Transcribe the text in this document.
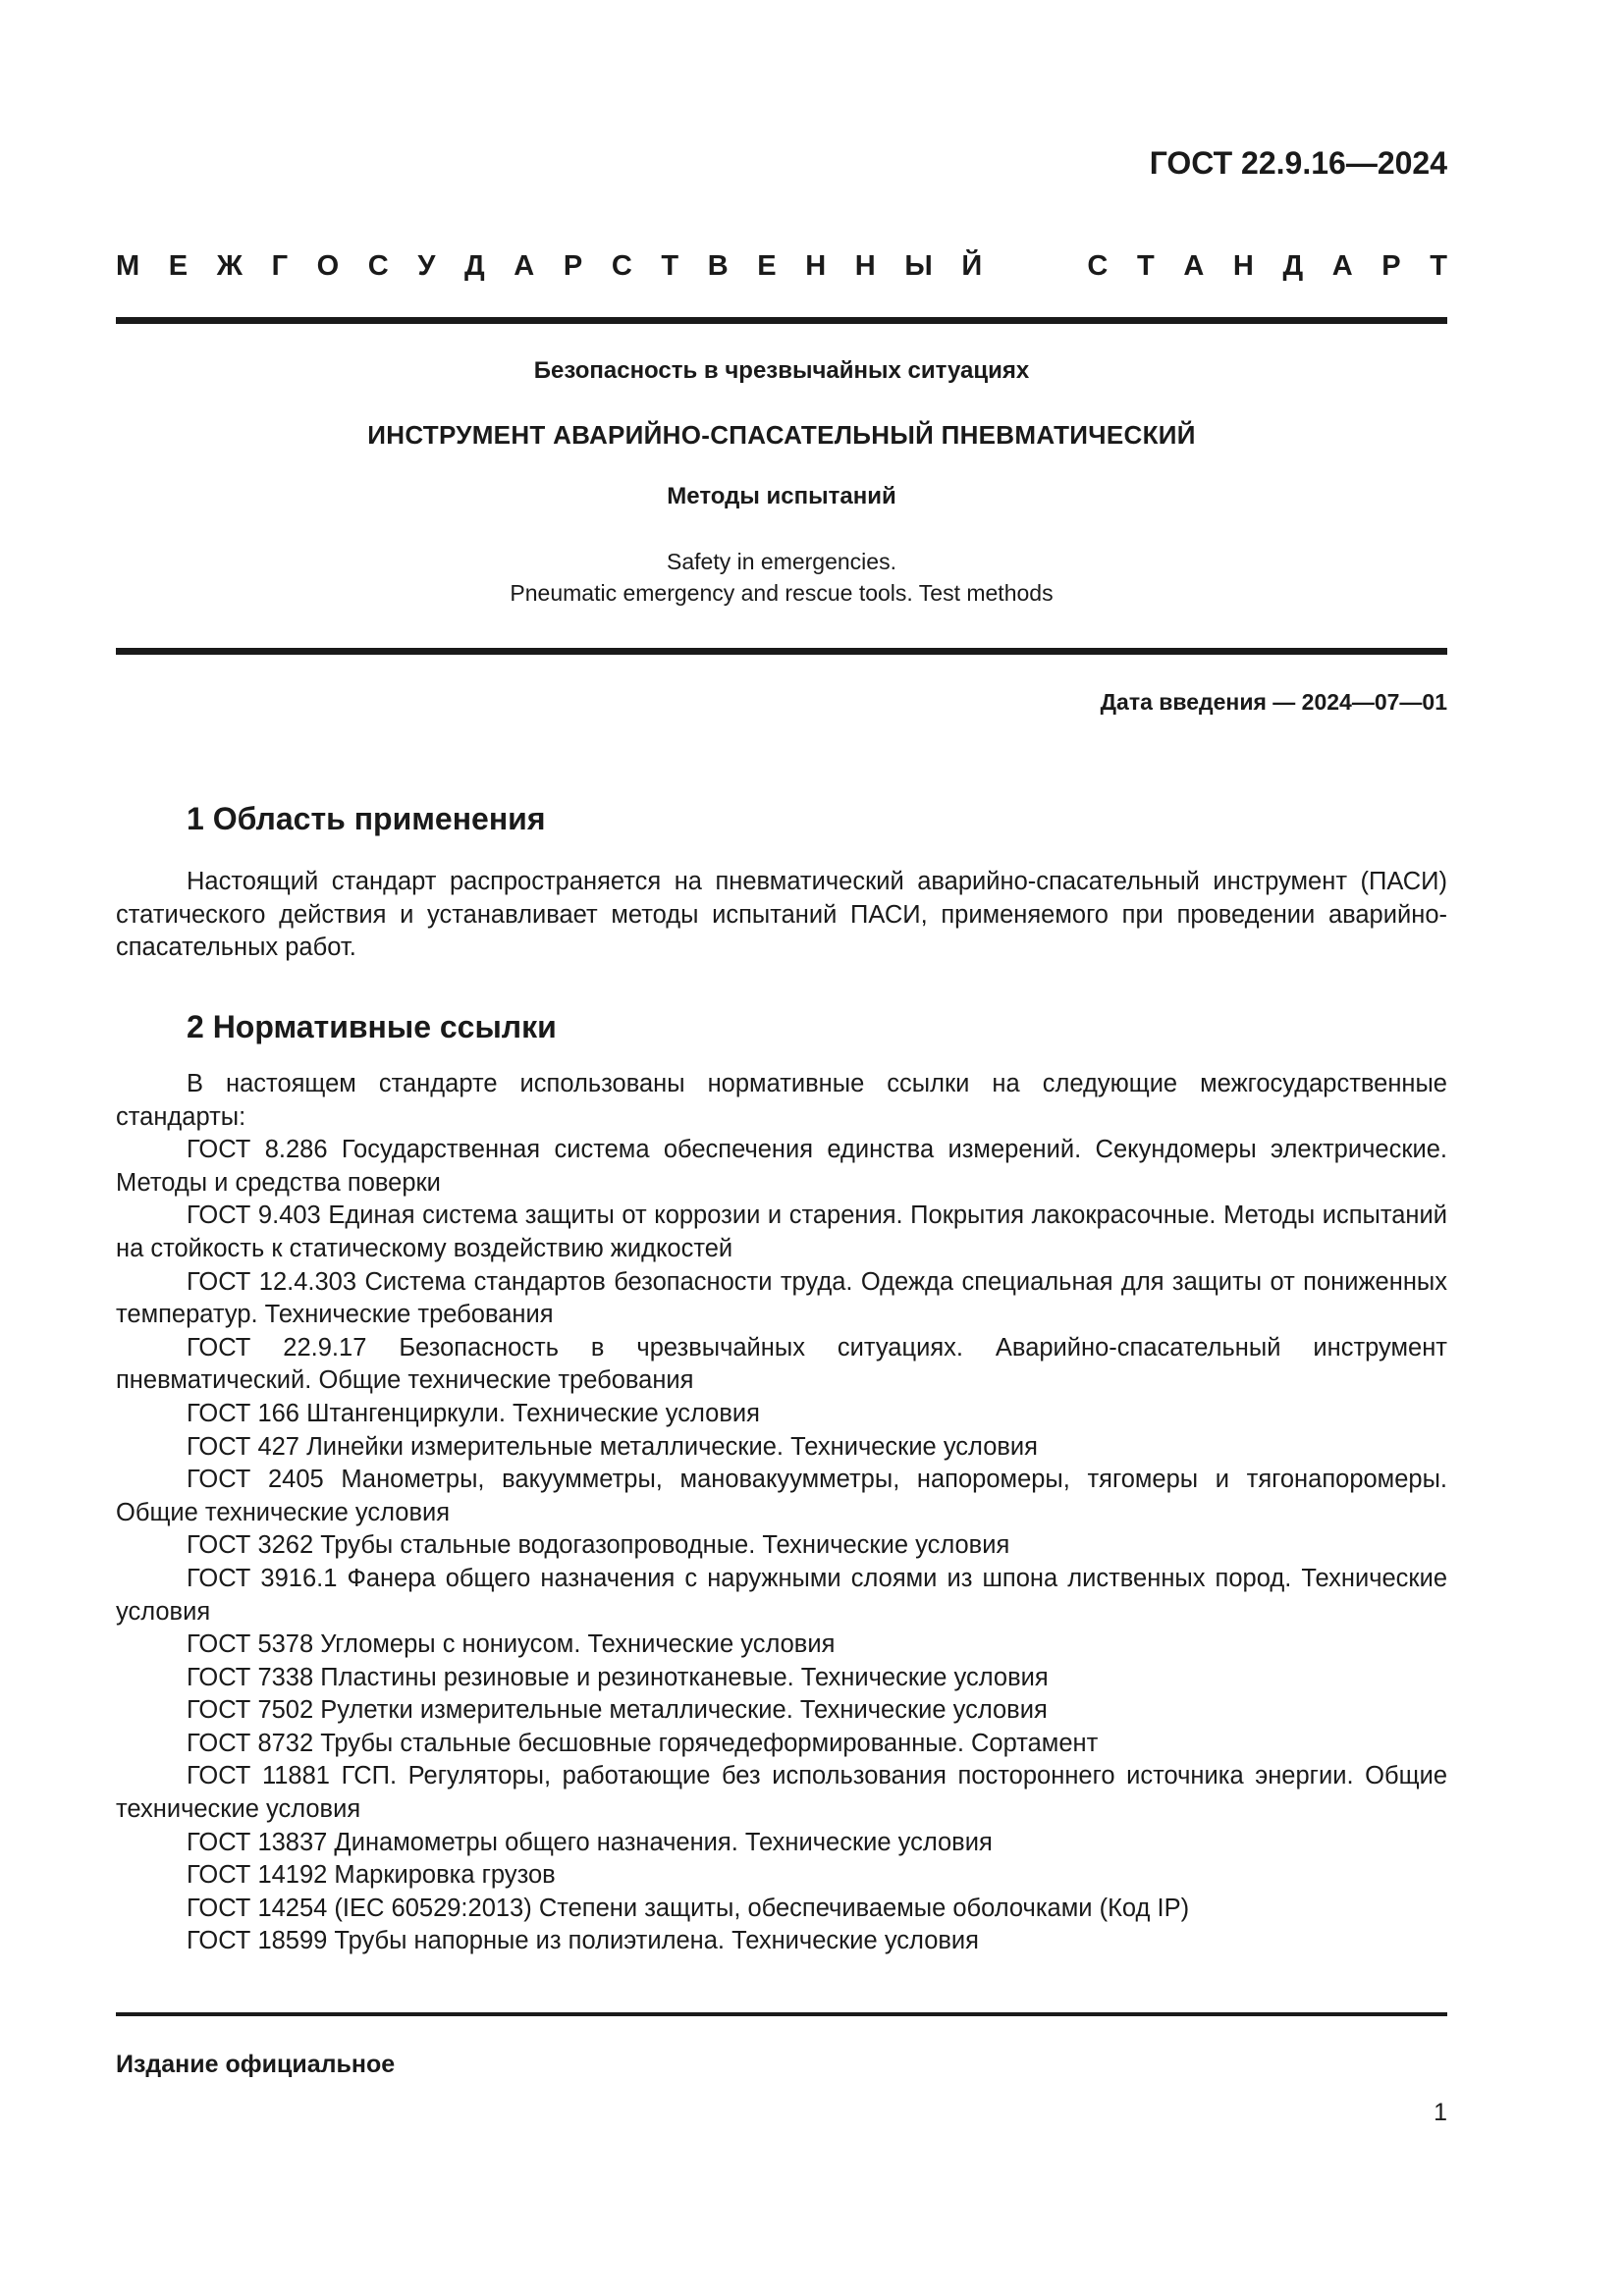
ГОСТ 22.9.16—2024
М Е Ж Г О С У Д А Р С Т В Е Н Н Ы Й	С Т А Н Д А Р Т
Безопасность в чрезвычайных ситуациях
ИНСТРУМЕНТ АВАРИЙНО-СПАСАТЕЛЬНЫЙ ПНЕВМАТИЧЕСКИЙ
Методы испытаний
Safety in emergencies.
Pneumatic emergency and rescue tools. Test methods
Дата введения — 2024—07—01
1 Область применения
Настоящий стандарт распространяется на пневматический аварийно-спасательный инструмент (ПАСИ) статического действия и устанавливает методы испытаний ПАСИ, применяемого при проведении аварийно-спасательных работ.
2 Нормативные ссылки

В настоящем стандарте использованы нормативные ссылки на следующие межгосударственные стандарты:

ГОСТ 8.286 Государственная система обеспечения единства измерений. Секундомеры электрические. Методы и средства поверки

ГОСТ 9.403 Единая система защиты от коррозии и старения. Покрытия лакокрасочные. Методы испытаний на стойкость к статическому воздействию жидкостей

ГОСТ 12.4.303 Система стандартов безопасности труда. Одежда специальная для защиты от пониженных температур. Технические требования

ГОСТ 22.9.17 Безопасность в чрезвычайных ситуациях. Аварийно-спасательный инструмент пневматический. Общие технические требования

ГОСТ 166 Штангенциркули. Технические условия

ГОСТ 427 Линейки измерительные металлические. Технические условия

ГОСТ 2405 Манометры, вакуумметры, мановакуумметры, напоромеры, тягомеры и тягонапоромеры. Общие технические условия

ГОСТ 3262 Трубы стальные водогазопроводные. Технические условия

ГОСТ 3916.1 Фанера общего назначения с наружными слоями из шпона лиственных пород. Технические условия

ГОСТ 5378 Угломеры с нониусом. Технические условия

ГОСТ 7338 Пластины резиновые и резинотканевые. Технические условия

ГОСТ 7502 Рулетки измерительные металлические. Технические условия

ГОСТ 8732 Трубы стальные бесшовные горячедеформированные. Сортамент

ГОСТ 11881 ГСП. Регуляторы, работающие без использования постороннего источника энергии. Общие технические условия

ГОСТ 13837 Динамометры общего назначения. Технические условия

ГОСТ 14192 Маркировка грузов

ГОСТ 14254 (IEC 60529:2013) Степени защиты, обеспечиваемые оболочками (Код IP)

ГОСТ 18599 Трубы напорные из полиэтилена. Технические условия

Издание официальное
1
